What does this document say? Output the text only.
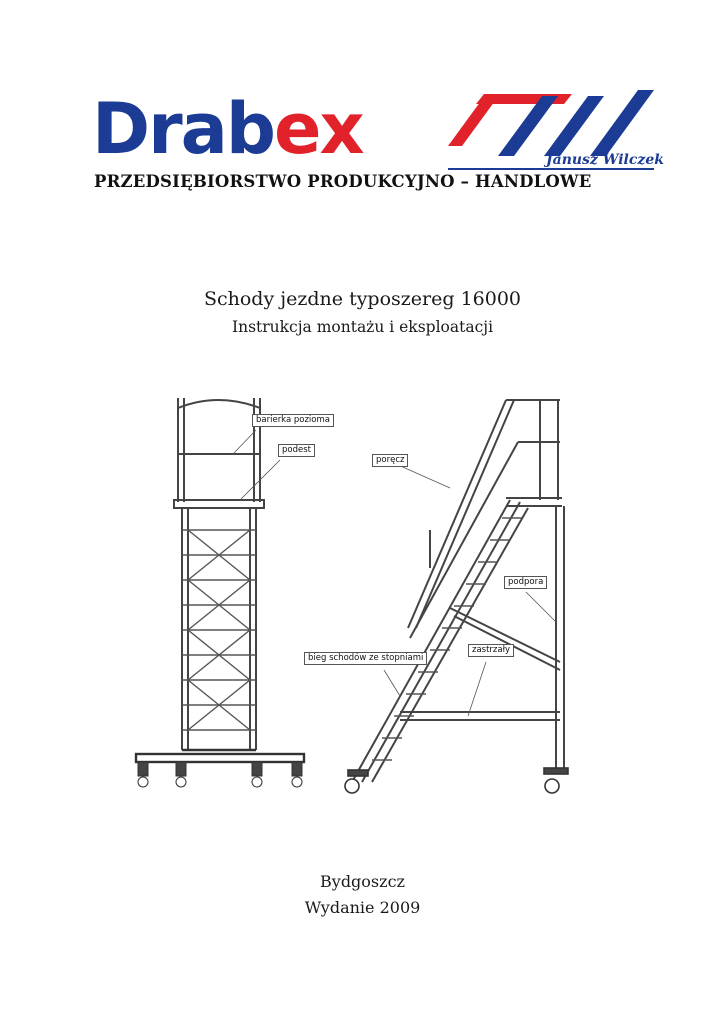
Drabex	Janusz Wilczek
PRZEDSIĘBIORSTWO PRODUKCYJNO – HANDLOWE
Schody jezdne typoszereg 16000
Instrukcja montażu i eksploatacji
barierka pozioma
podest
poręcz
podpora
zastrzały
bieg schodów ze stopniami
Bydgoszcz
Wydanie 2009
